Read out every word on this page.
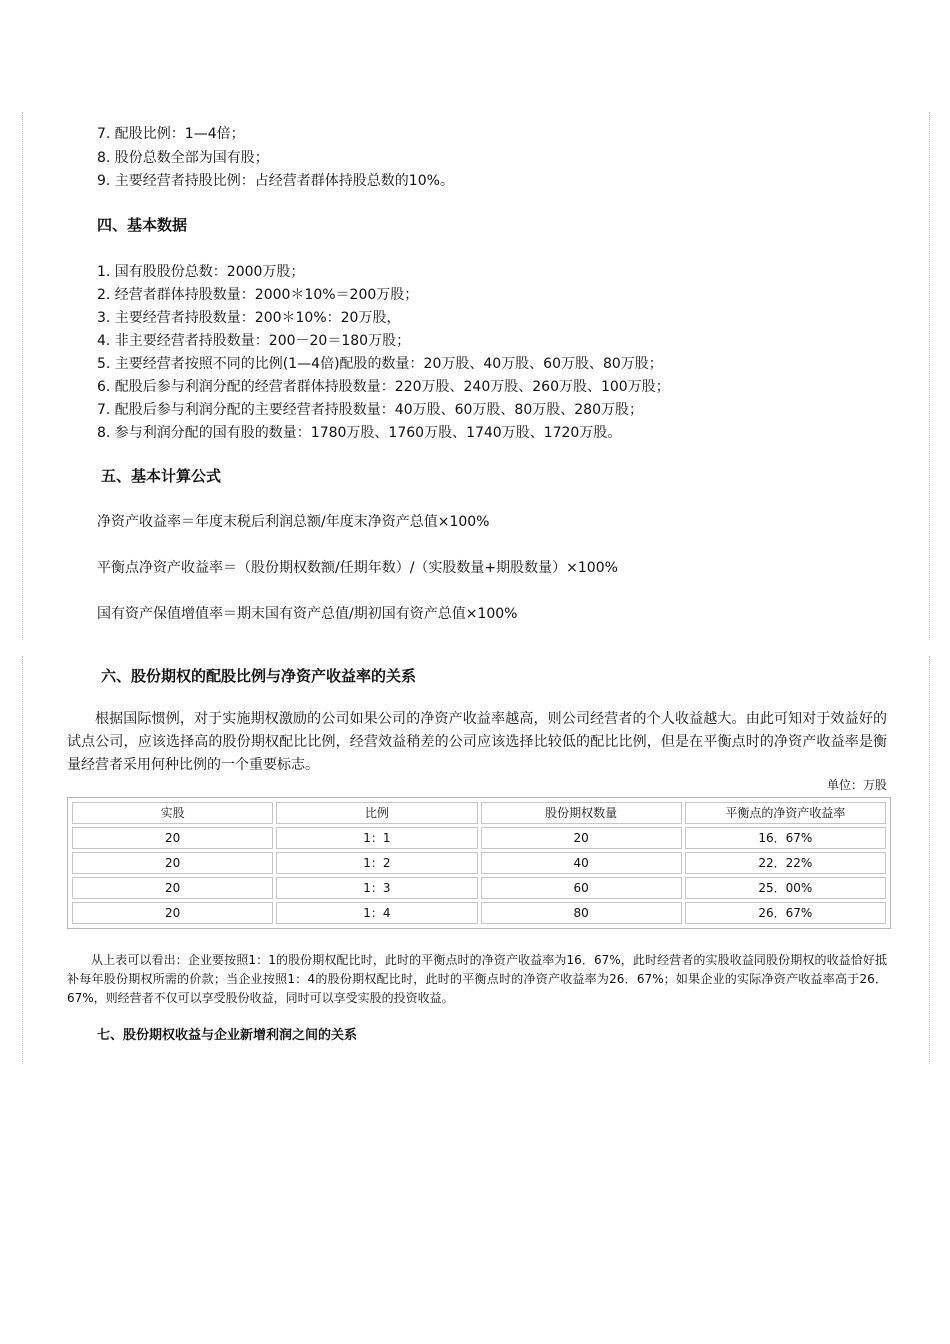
7. 配股比例：1—4倍；

8. 股份总数全部为国有股；

9. 主要经营者持股比例：占经营者群体持股总数的10%。

四、基本数据

1. 国有股股份总数：2000万股；

2. 经营者群体持股数量：2000＊10%＝200万股；

3. 主要经营者持股数量：200＊10%：20万股，

4. 非主要经营者持股数量：200－20＝180万股；

5. 主要经营者按照不同的比例(1—4倍)配股的数量：20万股、40万股、60万股、80万股；

6. 配股后参与利润分配的经营者群体持股数量：220万股、240万股、260万股、100万股；

7. 配股后参与利润分配的主要经营者持股数量：40万股、60万股、80万股、280万股；

8. 参与利润分配的国有股的数量：1780万股、1760万股、1740万股、1720万股。

五、基本计算公式

净资产收益率＝年度末税后利润总额/年度末净资产总值×100%

平衡点净资产收益率＝（股份期权数额/任期年数）/（实股数量+期股数量）×100%

国有资产保值增值率＝期末国有资产总值/期初国有资产总值×100%

六、股份期权的配股比例与净资产收益率的关系

根据国际惯例，对于实施期权激励的公司如果公司的净资产收益率越高，则公司经营者的个人收益越大。由此可知对于效益好的试点公司，应该选择高的股份期权配比比例，经营效益稍差的公司应该选择比较低的配比比例，但是在平衡点时的净资产收益率是衡量经营者采用何种比例的一个重要标志。

单位：万股
实股	比例	股份期权数量	平衡点的净资产收益率
20	1：1	20	16．67%
20	1：2	40	22．22%
20	1：3	60	25．00%
20	1：4	80	26．67%

从上表可以看出：企业要按照1：1的股份期权配比时，此时的平衡点时的净资产收益率为16．67%，此时经营者的实股收益同股份期权的收益恰好抵补每年股份期权所需的价款；当企业按照1：4的股份期权配比时，此时的平衡点时的净资产收益率为26．67%；如果企业的实际净资产收益率高于26．67%，则经营者不仅可以享受股份收益，同时可以享受实股的投资收益。

七、股份期权收益与企业新增利润之间的关系
